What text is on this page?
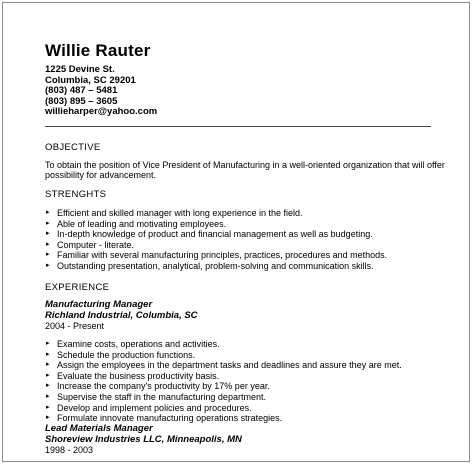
Willie Rauter
1225 Devine St.
Columbia, SC 29201
(803) 487 – 5481
(803) 895 – 3605
willieharper@yahoo.com
OBJECTIVE
To obtain the position of Vice President of Manufacturing in a well-oriented organization that will offer possibility for advancement.
STRENGHTS
▸ Efficient and skilled manager with long experience in the field.
▸ Able of leading and motivating employees.
▸ In-depth knowledge of product and financial management as well as budgeting.
▸ Computer - literate.
▸ Familiar with several manufacturing principles, practices, procedures and methods.
▸ Outstanding presentation, analytical, problem-solving and communication skills.
EXPERIENCE
Manufacturing Manager
Richland Industrial, Columbia, SC
2004 - Present
▸ Examine costs, operations and activities.
▸ Schedule the production functions.
▸ Assign the employees in the department tasks and deadlines and assure they are met.
▸ Evaluate the business productivity basis.
▸ Increase the company's productivity by 17% per year.
▸ Supervise the staff in the manufacturing department.
▸ Develop and implement policies and procedures.
▸ Formulate innovate manufacturing operations strategies.
Lead Materials Manager
Shoreview Industries LLC, Minneapolis, MN
1998 - 2003
